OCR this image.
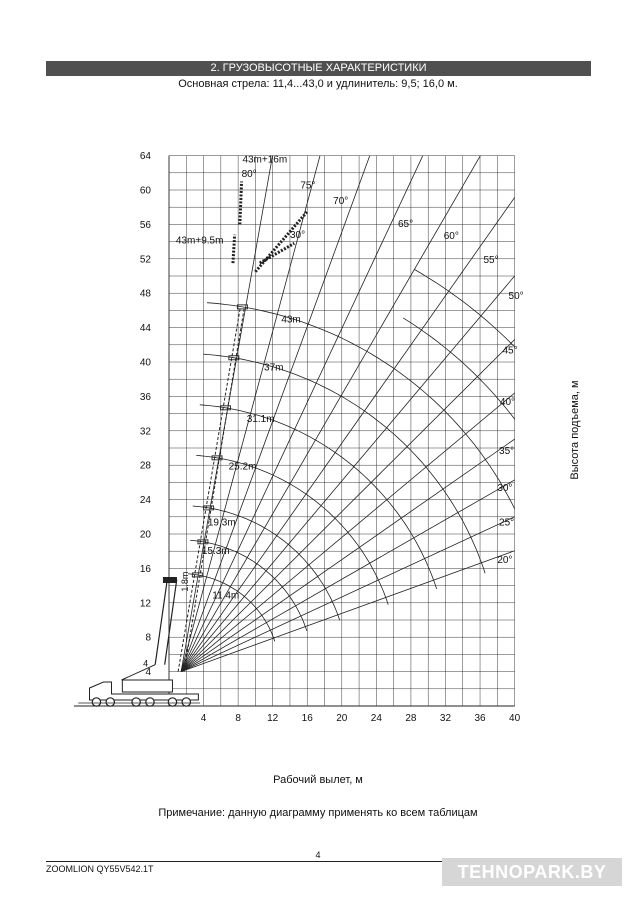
2. ГРУЗОВЫСОТНЫЕ ХАРАКТЕРИСТИКИ
Основная стрела: 11,4...43,0 и удлинитель: 9,5; 16,0 м.
4	8	12 16 20 24 28 32 36 40
4
8
12
16
20
24
28
32
36
40
44
48
52
56
60
64
80°
75°
70°
65°
60°
55°
50°
45°
40°
35°
30°
25°
20°
11.4m
15.3m
19.3m
25.2m
31.1m
37m
43m
43m+16m
43m+9.5m	30°
4
1.8m
Высота подъема, м
Рабочий вылет, м
Примечание: данную диаграмму применять ко всем таблицам
4
ZOOMLION QY55V542.1T	TEHNOPARK.BY
